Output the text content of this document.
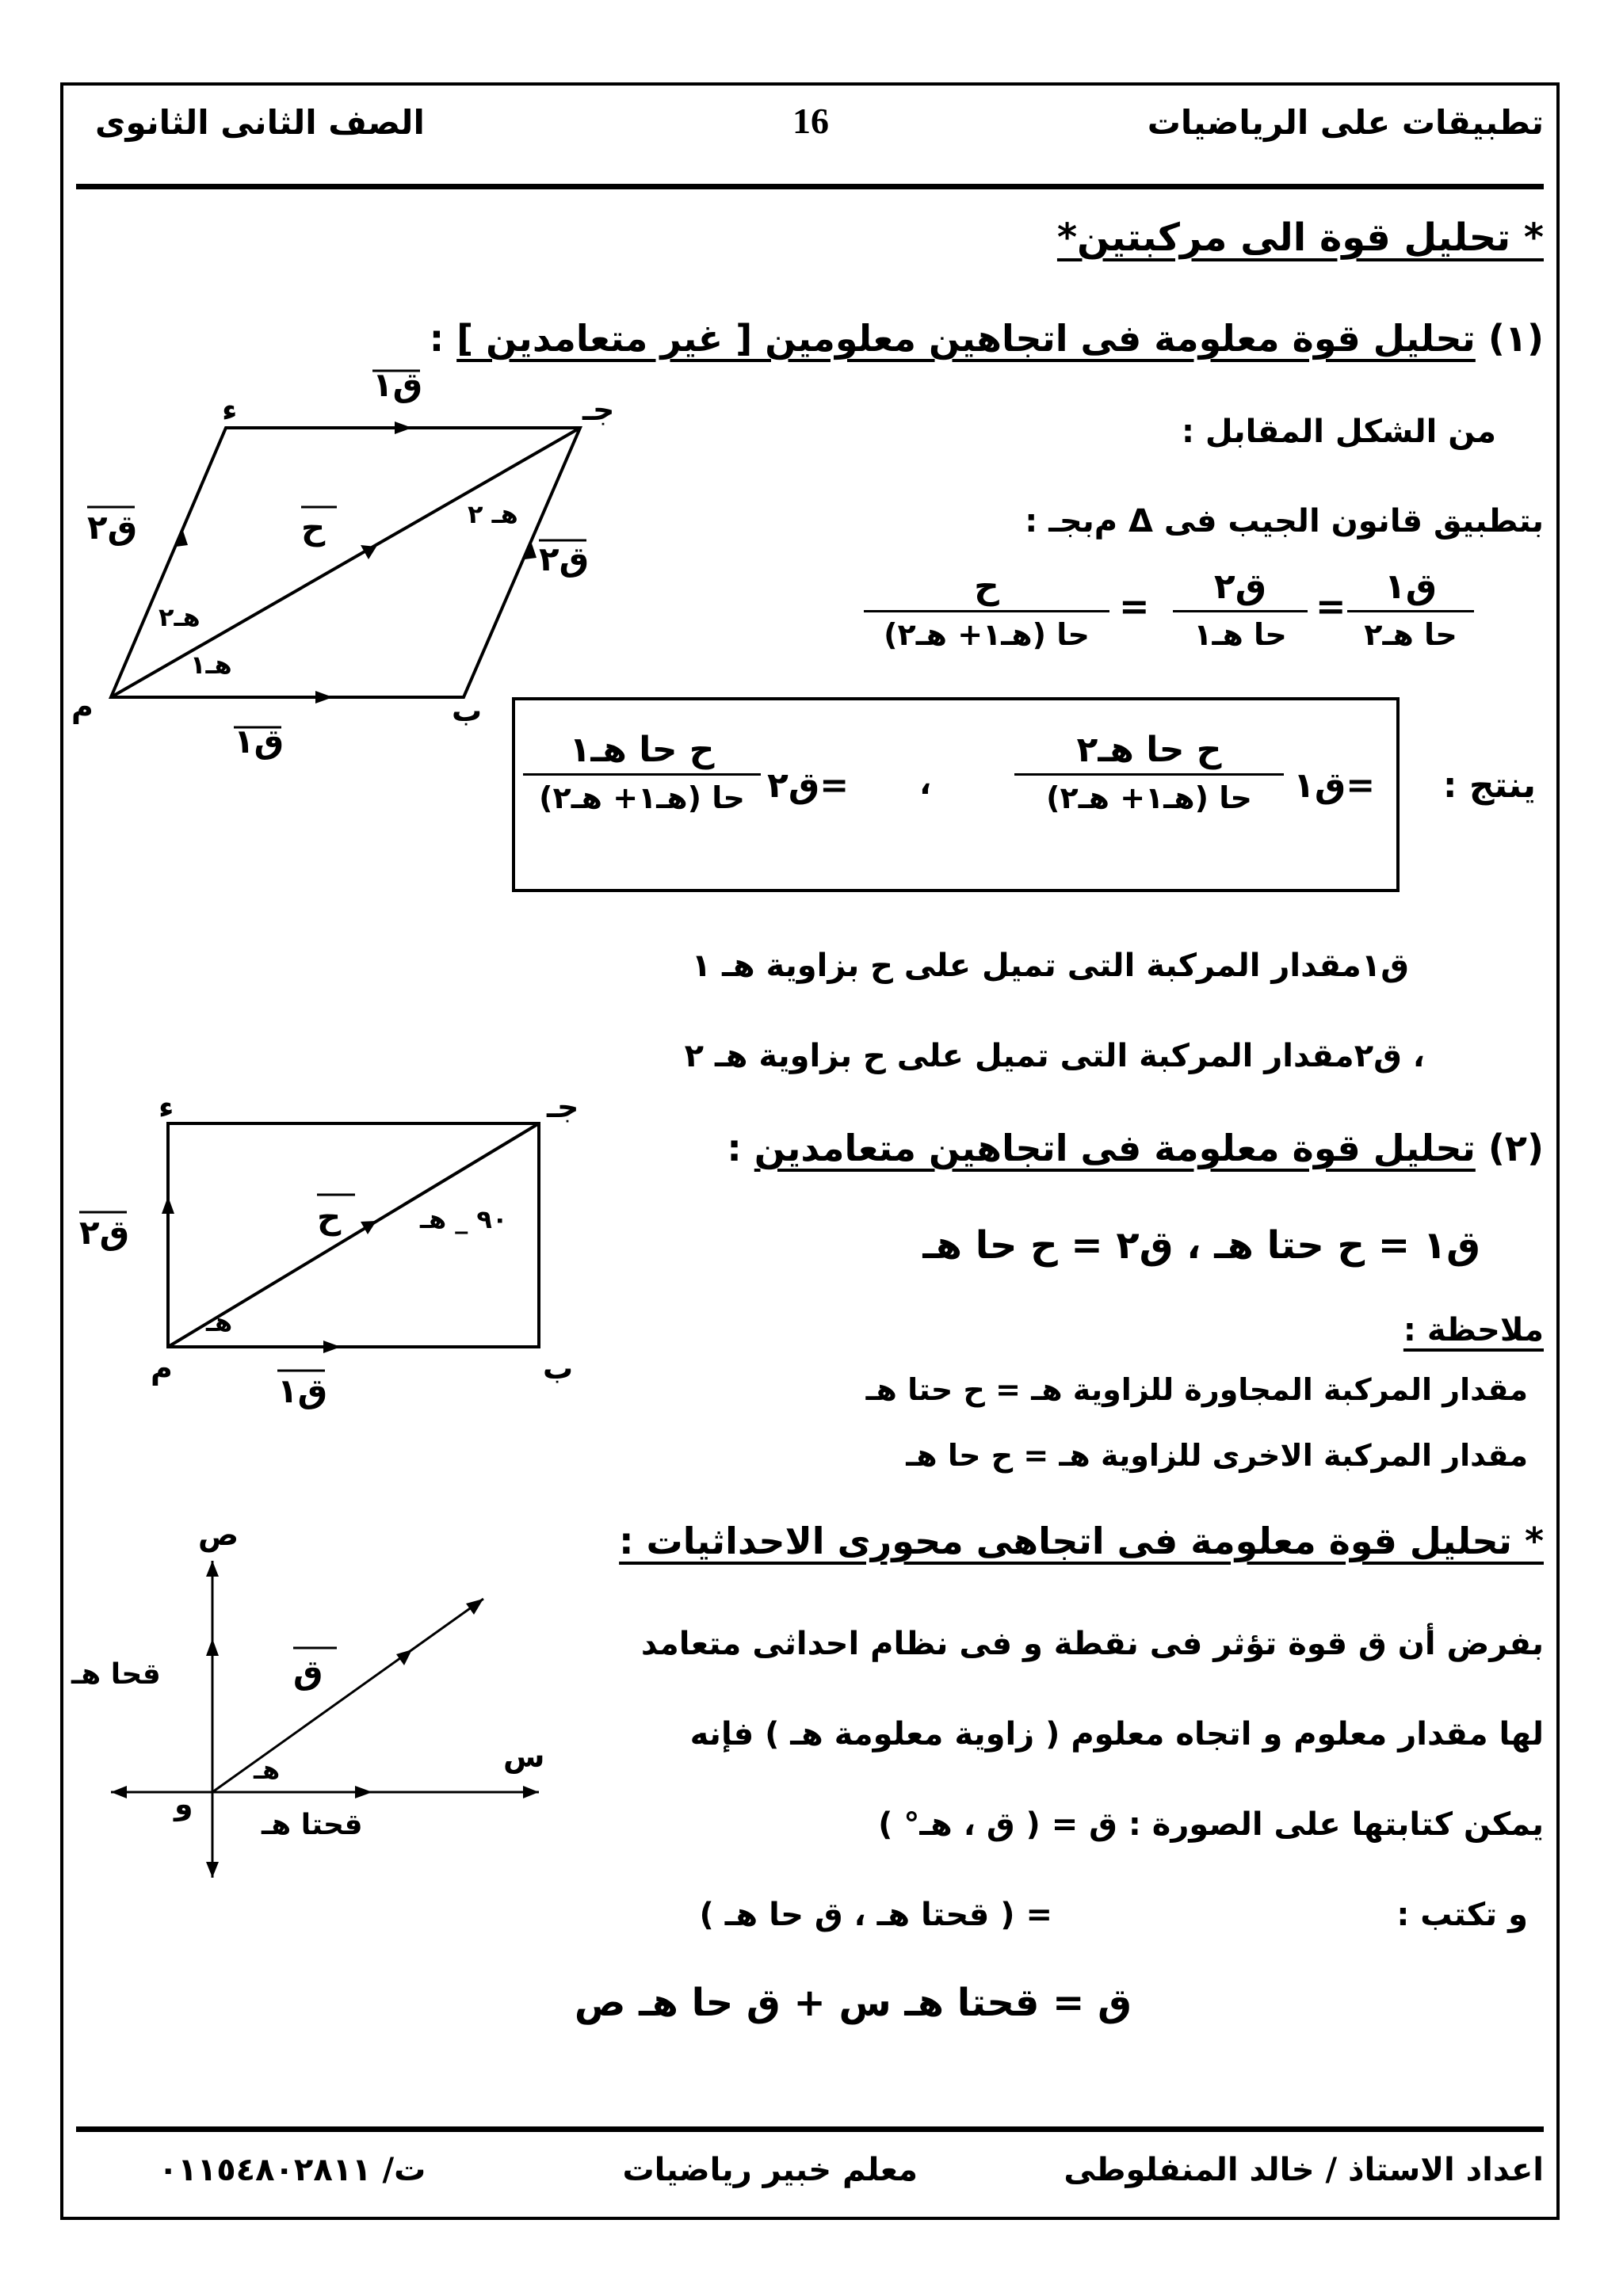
تطبيقات على الرياضيات
16
الصف الثانى الثانوى
* تحليل قوة الى مركبتين*
(١) تحليل قوة معلومة فى اتجاهين معلومين [ غير متعامدين ] :
من الشكل المقابل :
بتطبيق قانون الجيب فى Δ ﻡبجـ :
ق١
حا هـ٢
=
ق٢
حا هـ١
=
ح
حا (هـ١+ هـ٢)
ينتج :
ق١=
ح حا هـ٢
حا (هـ١+ هـ٢)
،
ق٢=
ح حا هـ١
حا (هـ١+ هـ٢)
ق١مقدار المركبة التى تميل على ح بزاوية هـ ١
، ق٢مقدار المركبة التى تميل على ح بزاوية هـ ٢
(٢) تحليل قوة معلومة فى اتجاهين متعامدين :
ق١ = ح حتا هـ ، ق٢ = ح حا هـ
ملاحظة :
مقدار المركبة المجاورة للزاوية هـ = ح حتا هـ
مقدار المركبة الاخرى للزاوية هـ = ح حا هـ
* تحليل قوة معلومة فى اتجاهى محورى الاحداثيات :
بفرض أن ق قوة تؤثر فى نقطة و فى نظام احداثى متعامد
لها مقدار معلوم و اتجاه معلوم ( زاوية معلومة هـ ) فإنه
يمكن كتابتها على الصورة : ق = ( ق ، هـ° )
و تكتب :
= ( قحتا هـ ، ق حا هـ )
ق = قحتا هـ س + ق حا هـ ص
اعداد الاستاذ / خالد المنفلوطى
معلم خبير رياضيات
ت/ ٠١١٥٤٨٠٢٨١١
ء	جـ
ﻡ	ب
ق١
ق١
ق٢
ق٢
ح
هـ١
هـ٢
هـ ٢
ء	جـ
ﻡ	ب
ق١
ق٢	ح	٩٠ _ هـ
هـ
ص
س
و
ق
هـ
قحا هـ
قحتا هـ
